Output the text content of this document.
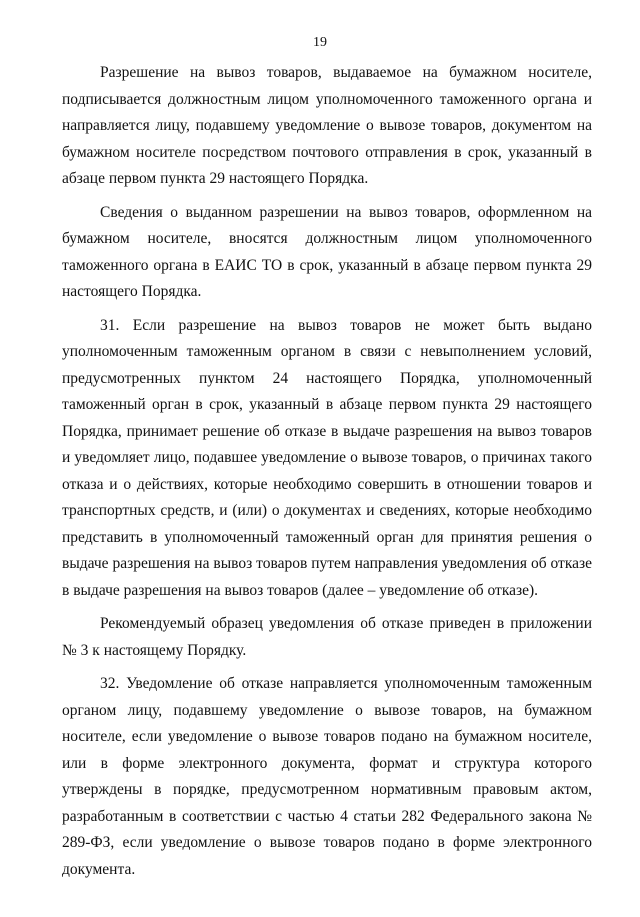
19

Разрешение на вывоз товаров, выдаваемое на бумажном носителе, подписывается должностным лицом уполномоченного таможенного органа и направляется лицу, подавшему уведомление о вывозе товаров, документом на бумажном носителе посредством почтового отправления в срок, указанный в абзаце первом пункта 29 настоящего Порядка.

Сведения о выданном разрешении на вывоз товаров, оформленном на бумажном носителе, вносятся должностным лицом уполномоченного таможенного органа в ЕАИС ТО в срок, указанный в абзаце первом пункта 29 настоящего Порядка.

31. Если разрешение на вывоз товаров не может быть выдано уполномоченным таможенным органом в связи с невыполнением условий, предусмотренных пунктом 24 настоящего Порядка, уполномоченный таможенный орган в срок, указанный в абзаце первом пункта 29 настоящего Порядка, принимает решение об отказе в выдаче разрешения на вывоз товаров и уведомляет лицо, подавшее уведомление о вывозе товаров, о причинах такого отказа и о действиях, которые необходимо совершить в отношении товаров и транспортных средств, и (или) о документах и сведениях, которые необходимо представить в уполномоченный таможенный орган для принятия решения о выдаче разрешения на вывоз товаров путем направления уведомления об отказе в выдаче разрешения на вывоз товаров (далее – уведомление об отказе).

Рекомендуемый образец уведомления об отказе приведен в приложении № 3 к настоящему Порядку.

32. Уведомление об отказе направляется уполномоченным таможенным органом лицу, подавшему уведомление о вывозе товаров, на бумажном носителе, если уведомление о вывозе товаров подано на бумажном носителе, или в форме электронного документа, формат и структура которого утверждены в порядке, предусмотренном нормативным правовым актом, разработанным в соответствии с частью 4 статьи 282 Федерального закона № 289-ФЗ, если уведомление о вывозе товаров подано в форме электронного документа.
